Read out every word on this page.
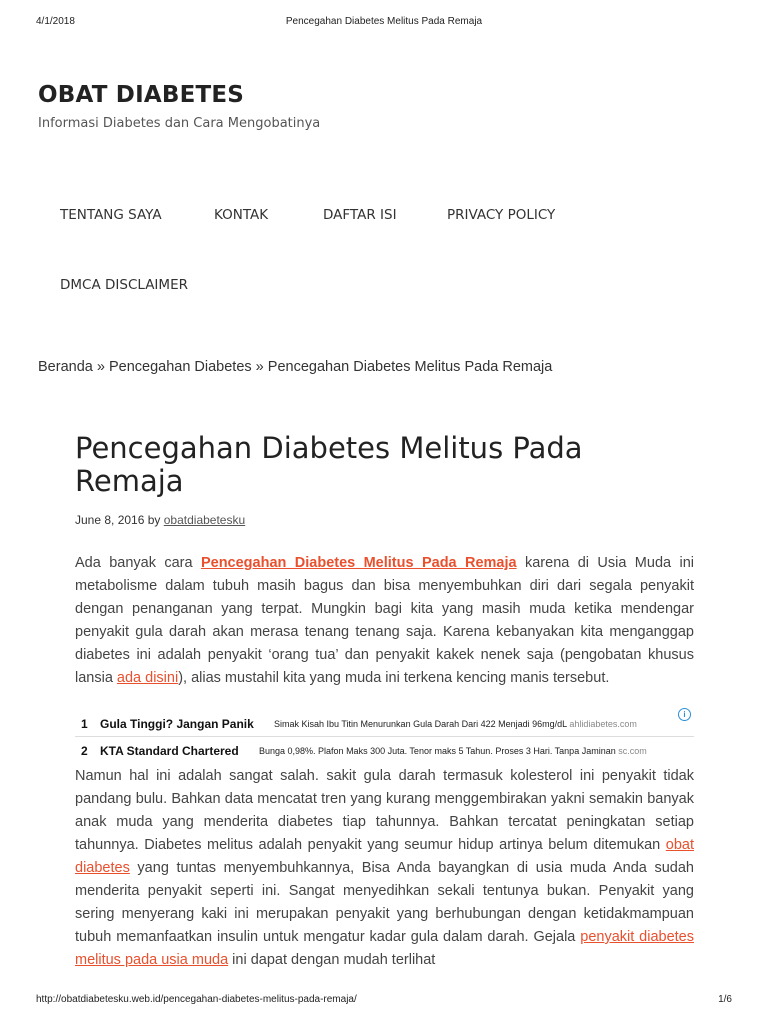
4/1/2018	Pencegahan Diabetes Melitus Pada Remaja
OBAT DIABETES
Informasi Diabetes dan Cara Mengobatinya
TENTANG SAYA	KONTAK	DAFTAR ISI	PRIVACY POLICY
DMCA DISCLAIMER
Beranda » Pencegahan Diabetes » Pencegahan Diabetes Melitus Pada Remaja
Pencegahan Diabetes Melitus Pada Remaja
June 8, 2016 by obatdiabetesku

Ada banyak cara Pencegahan Diabetes Melitus Pada Remaja karena di Usia Muda ini metabolisme dalam tubuh masih bagus dan bisa menyembuhkan diri dari segala penyakit dengan penanganan yang terpat. Mungkin bagi kita yang masih muda ketika mendengar penyakit gula darah akan merasa tenang tenang saja. Karena kebanyakan kita menganggap diabetes ini adalah penyakit ‘orang tua’ dan penyakit kakek nenek saja (pengobatan khusus lansia ada disini), alias mustahil kita yang muda ini terkena kencing manis tersebut.

i
1 Gula Tinggi? Jangan Panik Simak Kisah Ibu Titin Menurunkan Gula Darah Dari 422 Menjadi 96mg/dL ahlidiabetes.com
2 KTA Standard Chartered Bunga 0,98%. Plafon Maks 300 Juta. Tenor maks 5 Tahun. Proses 3 Hari. Tanpa Jaminan sc.com

Namun hal ini adalah sangat salah. sakit gula darah termasuk kolesterol ini penyakit tidak pandang bulu. Bahkan data mencatat tren yang kurang menggembirakan yakni semakin banyak anak muda yang menderita diabetes tiap tahunnya. Bahkan tercatat peningkatan setiap tahunnya. Diabetes melitus adalah penyakit yang seumur hidup artinya belum ditemukan obat diabetes yang tuntas menyembuhkannya, Bisa Anda bayangkan di usia muda Anda sudah menderita penyakit seperti ini. Sangat menyedihkan sekali tentunya bukan. Penyakit yang sering menyerang kaki ini merupakan penyakit yang berhubungan dengan ketidakmampuan tubuh memanfaatkan insulin untuk mengatur kadar gula dalam darah. Gejala penyakit diabetes melitus pada usia muda ini dapat dengan mudah terlihat

http://obatdiabetesku.web.id/pencegahan-diabetes-melitus-pada-remaja/	1/6
